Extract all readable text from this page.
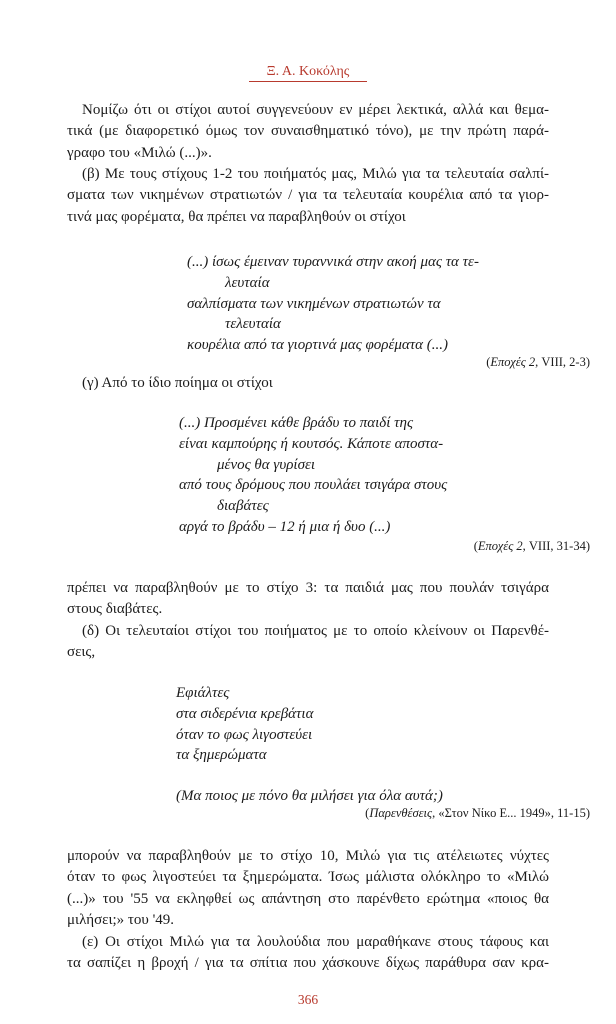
Ξ. Α. Κοκόλης
Νομίζω ότι οι στίχοι αυτοί συγγενεύουν εν μέρει λεκτικά, αλλά και θεμα-
τικά (με διαφορετικό όμως τον συναισθηματικό τόνο), με την πρώτη παρά-
γραφο του «Μιλώ (...)».
(β) Με τους στίχους 1-2 του ποιήματός μας, Μιλώ για τα τελευταία σαλπί-
σματα των νικημένων στρατιωτών / για τα τελευταία κουρέλια από τα γιορ-
τινά μας φορέματα, θα πρέπει να παραβληθούν οι στίχοι
(...) ίσως έμειναν τυραννικά στην ακοή μας τα τε-
λευταία
σαλπίσματα των νικημένων στρατιωτών τα
τελευταία
κουρέλια από τα γιορτινά μας φορέματα (...)
(Εποχές 2, VIII, 2-3)
(γ) Από το ίδιο ποίημα οι στίχοι
(...) Προσμένει κάθε βράδυ το παιδί της
είναι καμπούρης ή κουτσός. Κάποτε αποστα-
μένος θα γυρίσει
από τους δρόμους που πουλάει τσιγάρα στους
διαβάτες
αργά το βράδυ – 12 ή μια ή δυο (...)
(Εποχές 2, VIII, 31-34)
πρέπει να παραβληθούν με το στίχο 3: τα παιδιά μας που πουλάν τσιγάρα
στους διαβάτες.
(δ) Οι τελευταίοι στίχοι του ποιήματος με το οποίο κλείνουν οι Παρενθέ-
σεις,
Εφιάλτες
στα σιδερένια κρεβάτια
όταν το φως λιγοστεύει
τα ξημερώματα
(Μα ποιος με πόνο θα μιλήσει για όλα αυτά;)
(Παρενθέσεις, «Στον Νίκο Ε... 1949», 11-15)
μπορούν να παραβληθούν με το στίχο 10, Μιλώ για τις ατέλειωτες νύχτες
όταν το φως λιγοστεύει τα ξημερώματα. Ίσως μάλιστα ολόκληρο το «Μιλώ
(...)» του '55 να εκληφθεί ως απάντηση στο παρένθετο ερώτημα «ποιος θα
μιλήσει;» του '49.
(ε) Οι στίχοι Μιλώ για τα λουλούδια που μαραθήκανε στους τάφους και
τα σαπίζει η βροχή / για τα σπίτια που χάσκουνε δίχως παράθυρα σαν κρα-
366
